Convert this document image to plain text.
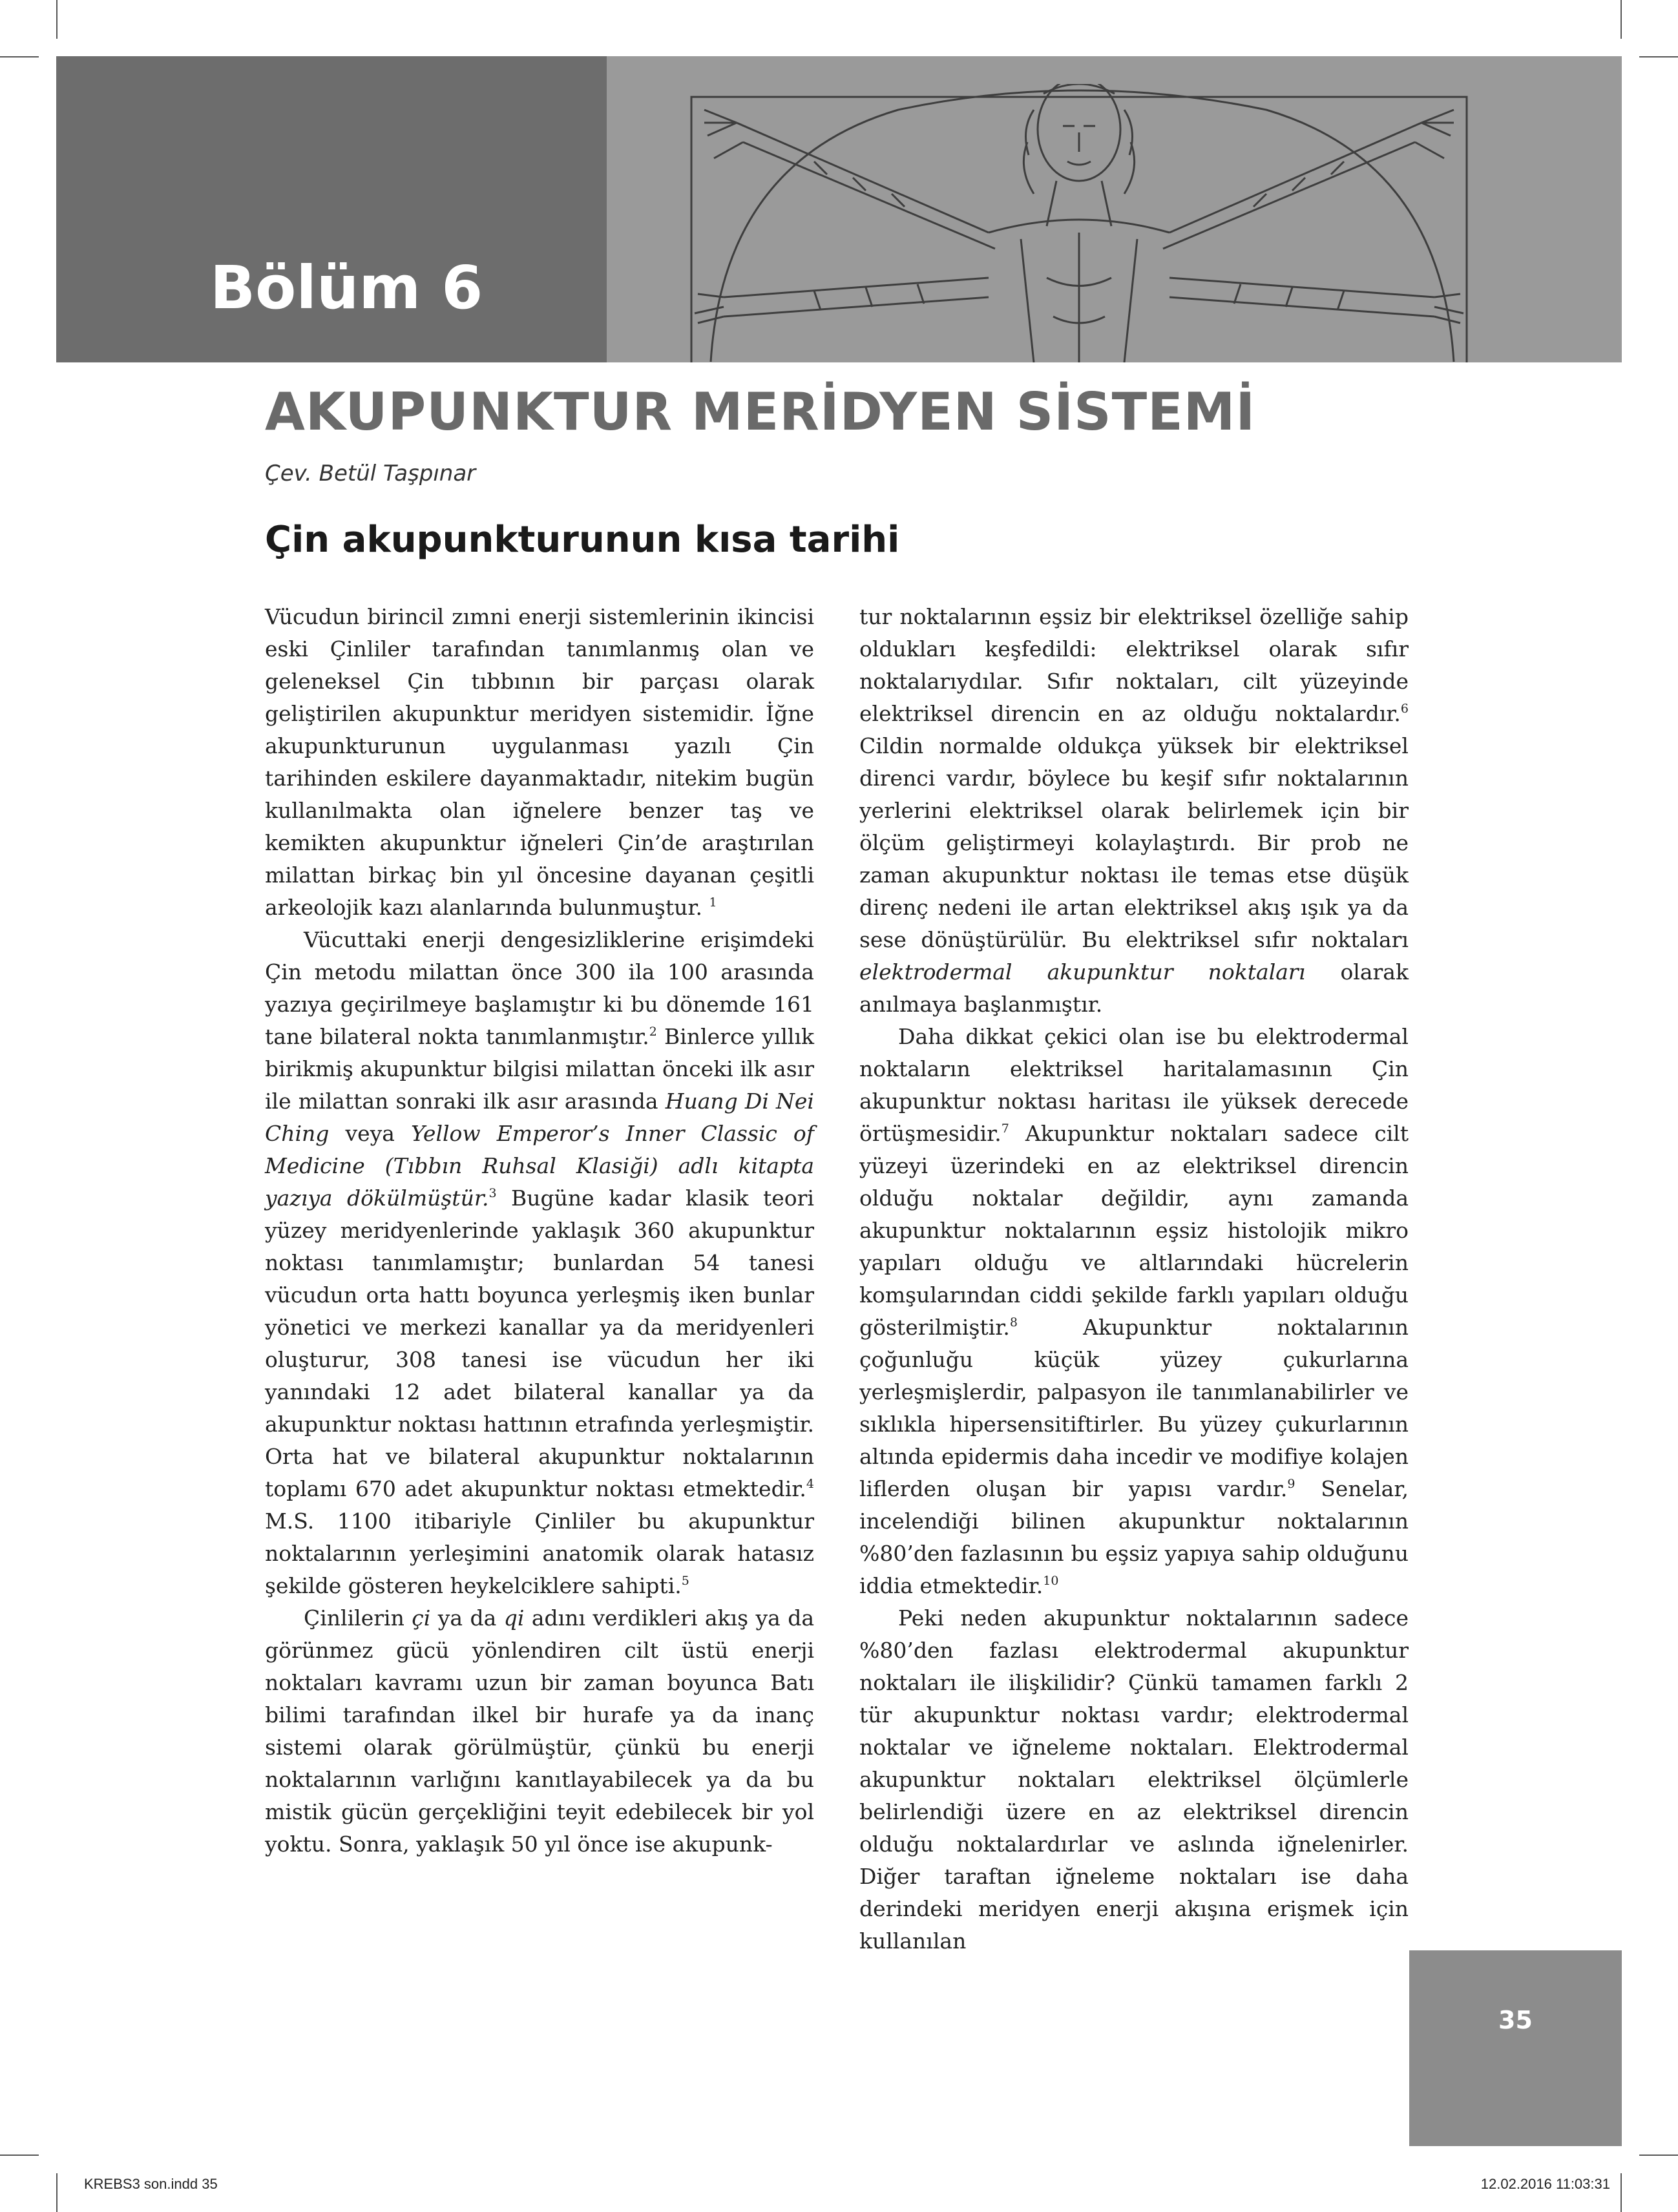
Bölüm 6
AKUPUNKTUR MERİDYEN SİSTEMİ
Çev. Betül Taşpınar
Çin akupunkturunun kısa tarihi

Vücudun birincil zımni enerji sistemlerinin ikincisi eski Çinliler tarafından tanımlanmış olan ve geleneksel Çin tıbbının bir parçası olarak geliştirilen akupunktur meridyen sistemidir. İğne akupunkturunun uygulanması yazılı Çin tarihinden eskilere dayanmaktadır, nitekim bugün kullanılmakta olan iğnelere benzer taş ve kemikten akupunktur iğneleri Çin’de araştırılan milattan birkaç bin yıl öncesine dayanan çeşitli arkeolojik kazı alanlarında bulunmuştur. $^1$

Vücuttaki enerji dengesizliklerine erişimdeki Çin metodu milattan önce 300 ila 100 arasında yazıya geçirilmeye başlamıştır ki bu dönemde 161 tane bilateral nokta tanımlanmıştır.$^2$ Binlerce yıllık birikmiş akupunktur bilgisi milattan önceki ilk asır ile milattan sonraki ilk asır arasında Huang Di Nei Ching veya Yellow Emperor’s Inner Classic of Medicine (Tıbbın Ruhsal Klasiği) adlı kitapta yazıya dökülmüştür.$^3$ Bugüne kadar klasik teori yüzey meridyenlerinde yaklaşık 360 akupunktur noktası tanımlamıştır; bunlardan 54 tanesi vücudun orta hattı boyunca yerleşmiş iken bunlar yönetici ve merkezi kanallar ya da meridyenleri oluşturur, 308 tanesi ise vücudun her iki yanındaki 12 adet bilateral kanallar ya da akupunktur noktası hattının etrafında yerleşmiştir. Orta hat ve bilateral akupunktur noktalarının toplamı 670 adet akupunktur noktası etmektedir.$^4$ M.S. 1100 itibariyle Çinliler bu akupunktur noktalarının yerleşimini anatomik olarak hatasız şekilde gösteren heykelciklere sahipti.$^5$

Çinlilerin çi ya da qi adını verdikleri akış ya da görünmez gücü yönlendiren cilt üstü enerji noktaları kavramı uzun bir zaman boyunca Batı bilimi tarafından ilkel bir hurafe ya da inanç sistemi olarak görülmüştür, çünkü bu enerji noktalarının varlığını kanıtlayabilecek ya da bu mistik gücün gerçekliğini teyit edebilecek bir yol yoktu. Sonra, yaklaşık 50 yıl önce ise akupunk-

tur noktalarının eşsiz bir elektriksel özelliğe sahip oldukları keşfedildi: elektriksel olarak sıfır noktalarıydılar. Sıfır noktaları, cilt yüzeyinde elektriksel direncin en az olduğu noktalardır.$^6$ Cildin normalde oldukça yüksek bir elektriksel direnci vardır, böylece bu keşif sıfır noktalarının yerlerini elektriksel olarak belirlemek için bir ölçüm geliştirmeyi kolaylaştırdı. Bir prob ne zaman akupunktur noktası ile temas etse düşük direnç nedeni ile artan elektriksel akış ışık ya da sese dönüştürülür. Bu elektriksel sıfır noktaları elektrodermal akupunktur noktaları olarak anılmaya başlanmıştır.

Daha dikkat çekici olan ise bu elektrodermal noktaların elektriksel haritalamasının Çin akupunktur noktası haritası ile yüksek derecede örtüşmesidir.$^7$ Akupunktur noktaları sadece cilt yüzeyi üzerindeki en az elektriksel direncin olduğu noktalar değildir, aynı zamanda akupunktur noktalarının eşsiz histolojik mikro yapıları olduğu ve altlarındaki hücrelerin komşularından ciddi şekilde farklı yapıları olduğu gösterilmiştir.$^8$ Akupunktur noktalarının çoğunluğu küçük yüzey çukurlarına yerleşmişlerdir, palpasyon ile tanımlanabilirler ve sıklıkla hipersensitiftirler. Bu yüzey çukurlarının altında epidermis daha incedir ve modifiye kolajen liflerden oluşan bir yapısı vardır.$^9$ Senelar, incelendiği bilinen akupunktur noktalarının %80’den fazlasının bu eşsiz yapıya sahip olduğunu iddia etmektedir.$^{10}$

Peki neden akupunktur noktalarının sadece %80’den fazlası elektrodermal akupunktur noktaları ile ilişkilidir? Çünkü tamamen farklı 2 tür akupunktur noktası vardır; elektrodermal noktalar ve iğneleme noktaları. Elektrodermal akupunktur noktaları elektriksel ölçümlerle belirlendiği üzere en az elektriksel direncin olduğu noktalardırlar ve aslında iğnelenirler. Diğer taraftan iğneleme noktaları ise daha derindeki meridyen enerji akışına erişmek için kullanılan

35
KREBS3 son.indd 35	12.02.2016 11:03:31
